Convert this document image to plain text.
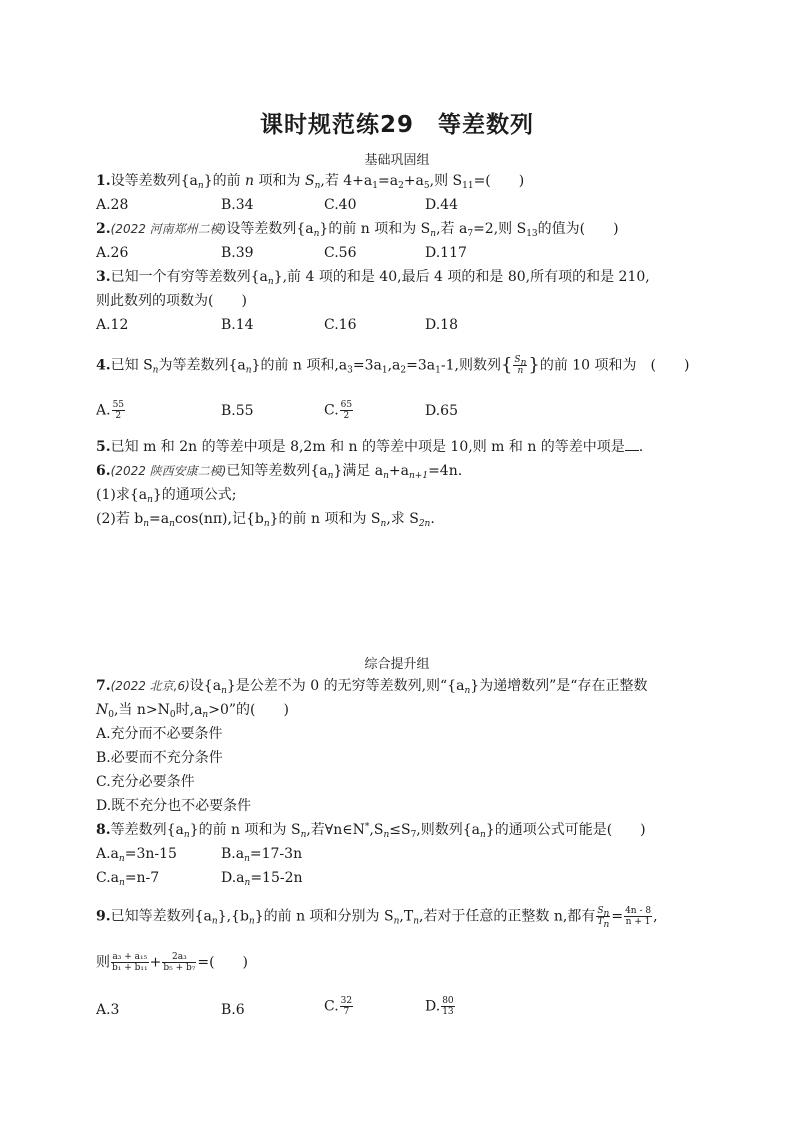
课时规范练29　等差数列
基础巩固组
1.设等差数列$\{a_n\}$的前 n 项和为 $S_n$,若 $4+a_1=a_2+a_5$,则 $S_{11}=$(　　)
A.28	B.34	C.40	D.44
2.(2022 河南郑州二模)设等差数列$\{a_n\}$的前 n 项和为 $S_n$,若 $a_7=2$,则 $S_{13}$的值为(　　)
A.26	B.39	C.56	D.117
3.已知一个有穷等差数列$\{a_n\}$,前 4 项的和是 40,最后 4 项的和是 80,所有项的和是 210,
则此数列的项数为(　　)
A.12	B.14	C.16	D.18
4.已知 $S_n$为等差数列$\{a_n\}$的前 n 项和$,a_3=3a_1,a_2=3a_1-1$,则数列{ $\frac{S_n}{n}$ }的前 10 项和为　(　　)
A. $\frac{55}{2}$	B.55	C. $\frac{65}{2}$	D.65
5.已知 m 和 2n 的等差中项是 8,2m 和 n 的等差中项是 10,则 m 和 n 的等差中项是 .
6.(2022 陕西安康二模)已知等差数列$\{a_n\}$满足 $a_n+a_{n+1}=4n$.
(1)求$\{a_n\}$的通项公式;
(2)若 $b_n=a_n\cos(n\pi)$,记$\{b_n\}$的前 n 项和为 $S_n$,求 $S_{2n}$.
综合提升组
7.(2022 北京,6)设$\{a_n\}$是公差不为 0 的无穷等差数列,则“$\{a_n\}$为递增数列”是“存在正整数
$N_0$,当 $n>N_0$时$,a_n>0$”的(　　)
A.充分而不必要条件
B.必要而不充分条件
C.充分必要条件
D.既不充分也不必要条件
8.等差数列$\{a_n\}$的前 n 项和为 $S_n$,若$\forall n\in N^*,S_n\le S_7$,则数列$\{a_n\}$的通项公式可能是(　　)
$A.a_n=3n-15$	$B.a_n=17-3n$
$C.a_n=n-7$	$D.a_n=15-2n$
9.已知等差数列$\{a_n\},\{b_n\}$的前 n 项和分别为 $S_n,T_n$,若对于任意的正整数 n,都有 $\frac{S_n}{T_n} = \frac{4n - 8}{n + 1}$ ,
则 $\frac{\text{a₃ + a₁₅}}{\text{b₁ + b₁₁}} + \frac{\text{2a₃}}{\text{b₅ + b₇}}$ =(　　)
A.3	B.6	C. $\frac{32}{7}$	D. $\frac{80}{13}$
